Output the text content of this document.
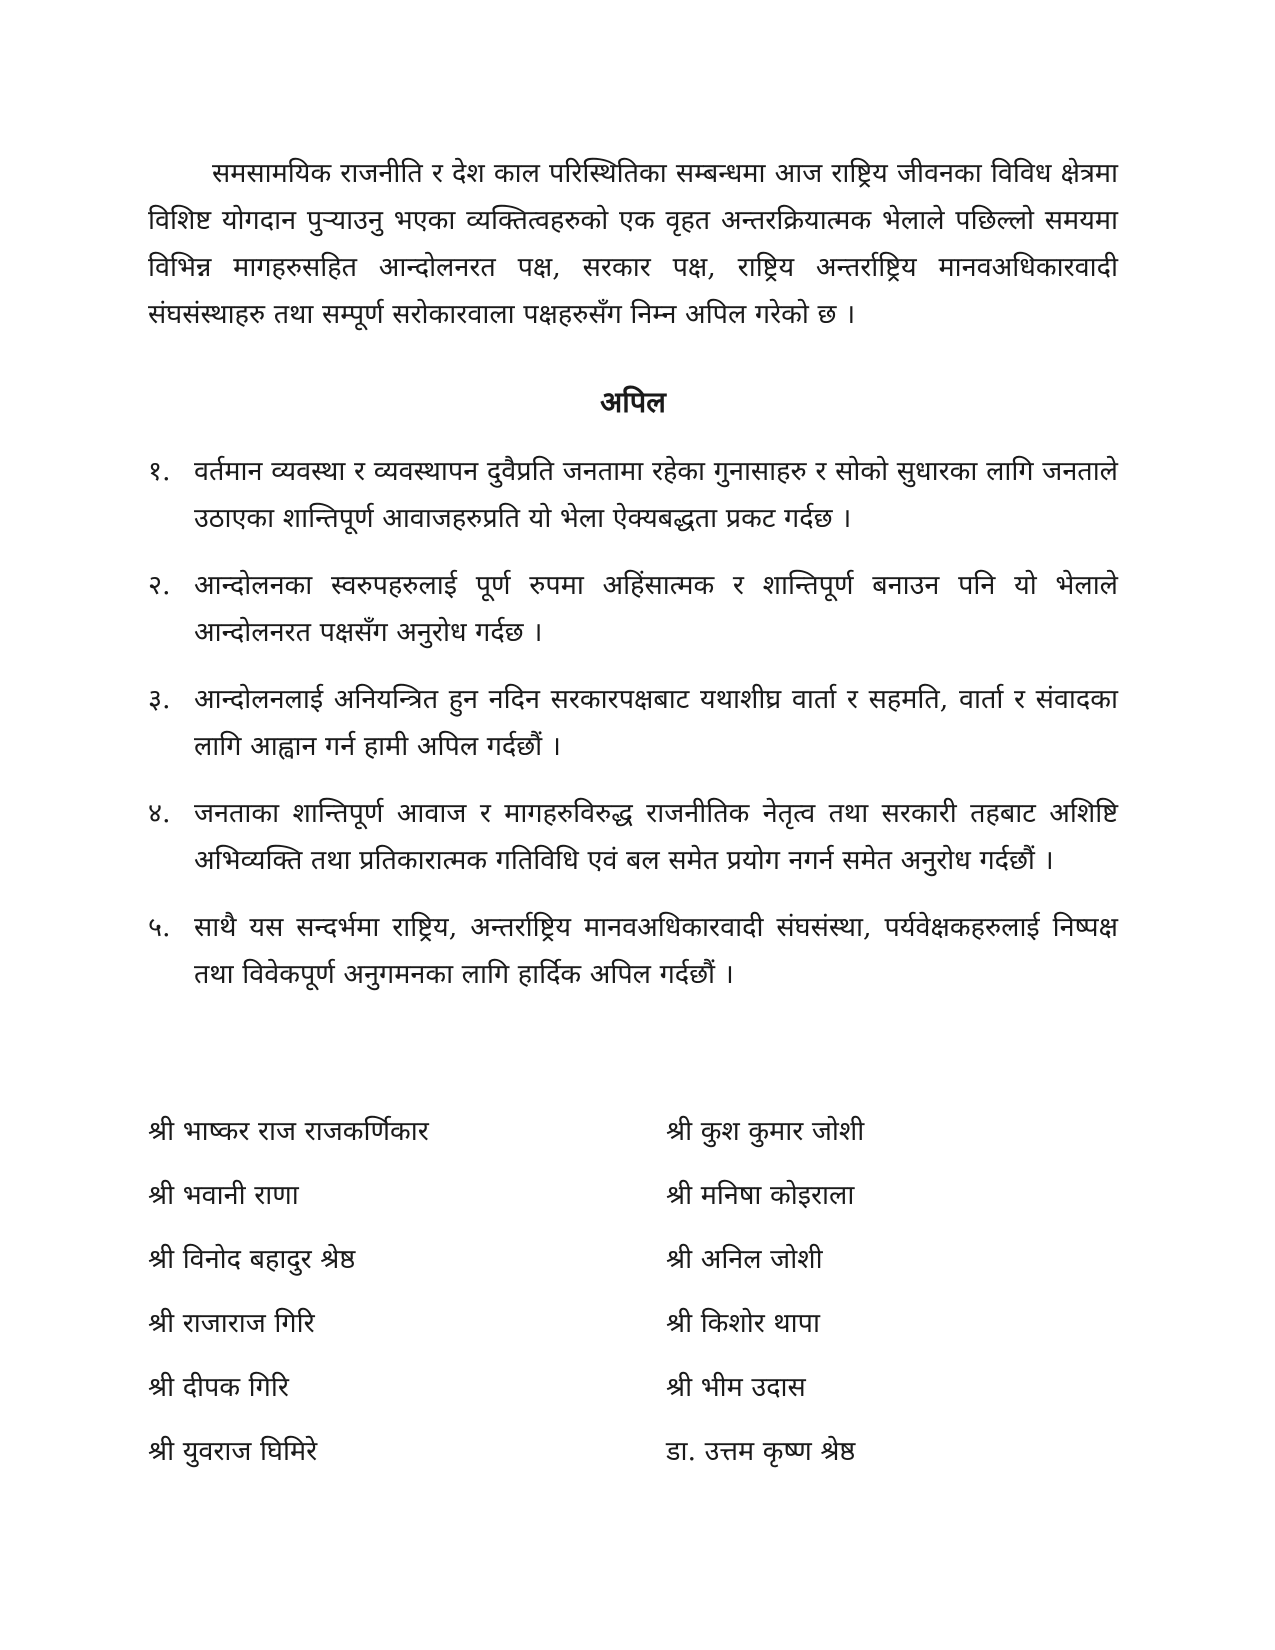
समसामयिक राजनीति र देश काल परिस्थितिका सम्बन्धमा आज राष्ट्रिय जीवनका विविध क्षेत्रमा विशिष्ट योगदान पुऱ्याउनु भएका व्यक्तित्वहरुको एक वृहत अन्तरक्रियात्मक भेलाले पछिल्लो समयमा विभिन्न मागहरुसहित आन्दोलनरत पक्ष, सरकार पक्ष, राष्ट्रिय अन्तर्राष्ट्रिय मानवअधिकारवादी संघसंस्थाहरु तथा सम्पूर्ण सरोकारवाला पक्षहरुसँग निम्न अपिल गरेको छ ।

अपिल
१. वर्तमान व्यवस्था र व्यवस्थापन दुवैप्रति जनतामा रहेका गुनासाहरु र सोको सुधारका लागि जनताले उठाएका शान्तिपूर्ण आवाजहरुप्रति यो भेला ऐक्यबद्धता प्रकट गर्दछ ।
२. आन्दोलनका स्वरुपहरुलाई पूर्ण रुपमा अहिंसात्मक र शान्तिपूर्ण बनाउन पनि यो भेलाले आन्दोलनरत पक्षसँग अनुरोध गर्दछ ।
३. आन्दोलनलाई अनियन्त्रित हुन नदिन सरकारपक्षबाट यथाशीघ्र वार्ता र सहमति, वार्ता र संवादका लागि आह्वान गर्न हामी अपिल गर्दछौं ।
४. जनताका शान्तिपूर्ण आवाज र मागहरुविरुद्ध राजनीतिक नेतृत्व तथा सरकारी तहबाट अशिष्टि अभिव्यक्ति तथा प्रतिकारात्मक गतिविधि एवं बल समेत प्रयोग नगर्न समेत अनुरोध गर्दछौं ।
५. साथै यस सन्दर्भमा राष्ट्रिय, अन्तर्राष्ट्रिय मानवअधिकारवादी संघसंस्था, पर्यवेक्षकहरुलाई निष्पक्ष तथा विवेकपूर्ण अनुगमनका लागि हार्दिक अपिल गर्दछौं ।
श्री भाष्कर राज राजकर्णिकार	श्री कुश कुमार जोशी
श्री भवानी राणा	श्री मनिषा कोइराला
श्री विनोद बहादुर श्रेष्ठ	श्री अनिल जोशी
श्री राजाराज गिरि	श्री किशोर थापा
श्री दीपक गिरि	श्री भीम उदास
श्री युवराज घिमिरे	डा. उत्तम कृष्ण श्रेष्ठ
